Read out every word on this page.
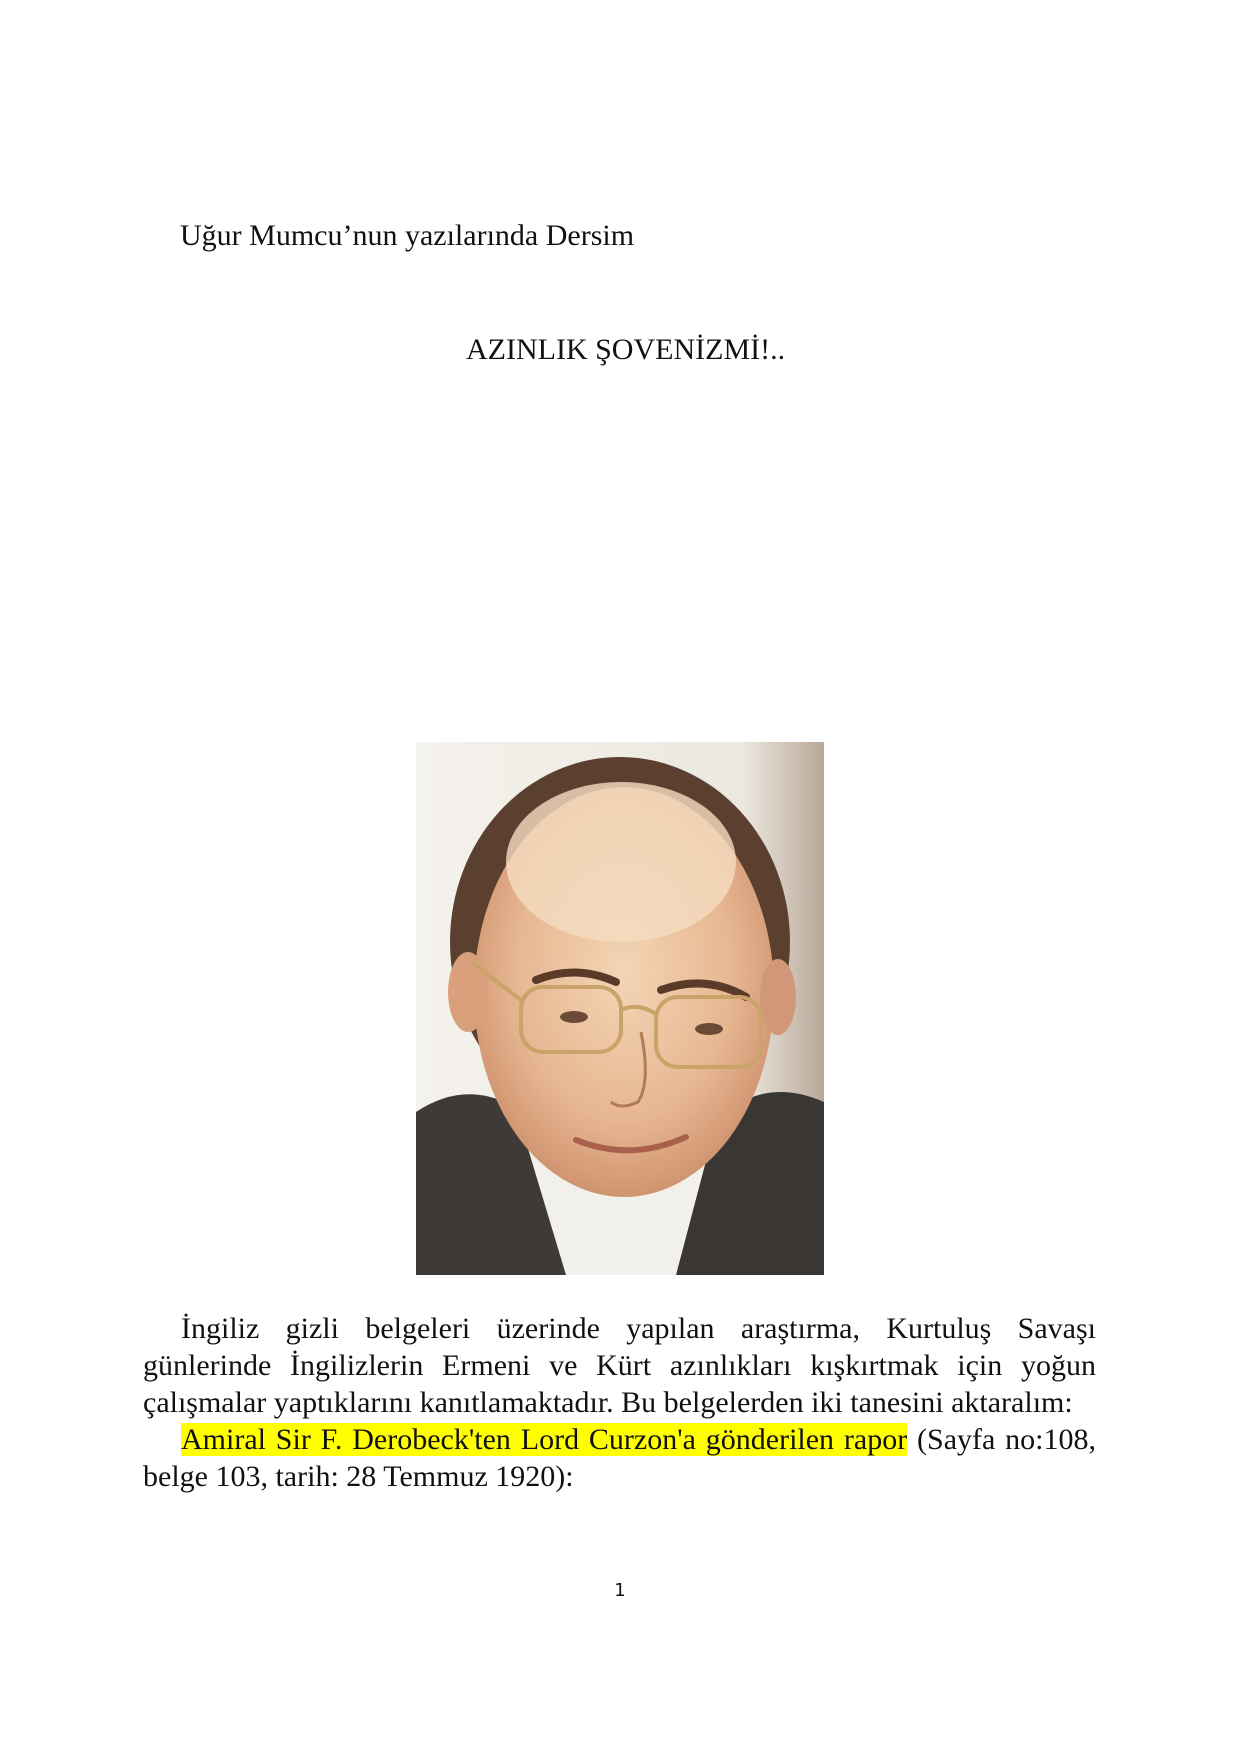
Uğur Mumcu’nun yazılarında Dersim
AZINLIK ŞOVENİZMİ!..

İngiliz gizli belgeleri üzerinde yapılan araştırma, Kurtuluş Savaşı günlerinde İngilizlerin Ermeni ve Kürt azınlıkları kışkırtmak için yoğun çalışmalar yaptıklarını kanıtlamaktadır. Bu belgelerden iki tanesini aktaralım:

Amiral Sir F. Derobeck'ten Lord Curzon'a gönderilen rapor (Sayfa no:108, belge 103, tarih: 28 Temmuz 1920):

1
